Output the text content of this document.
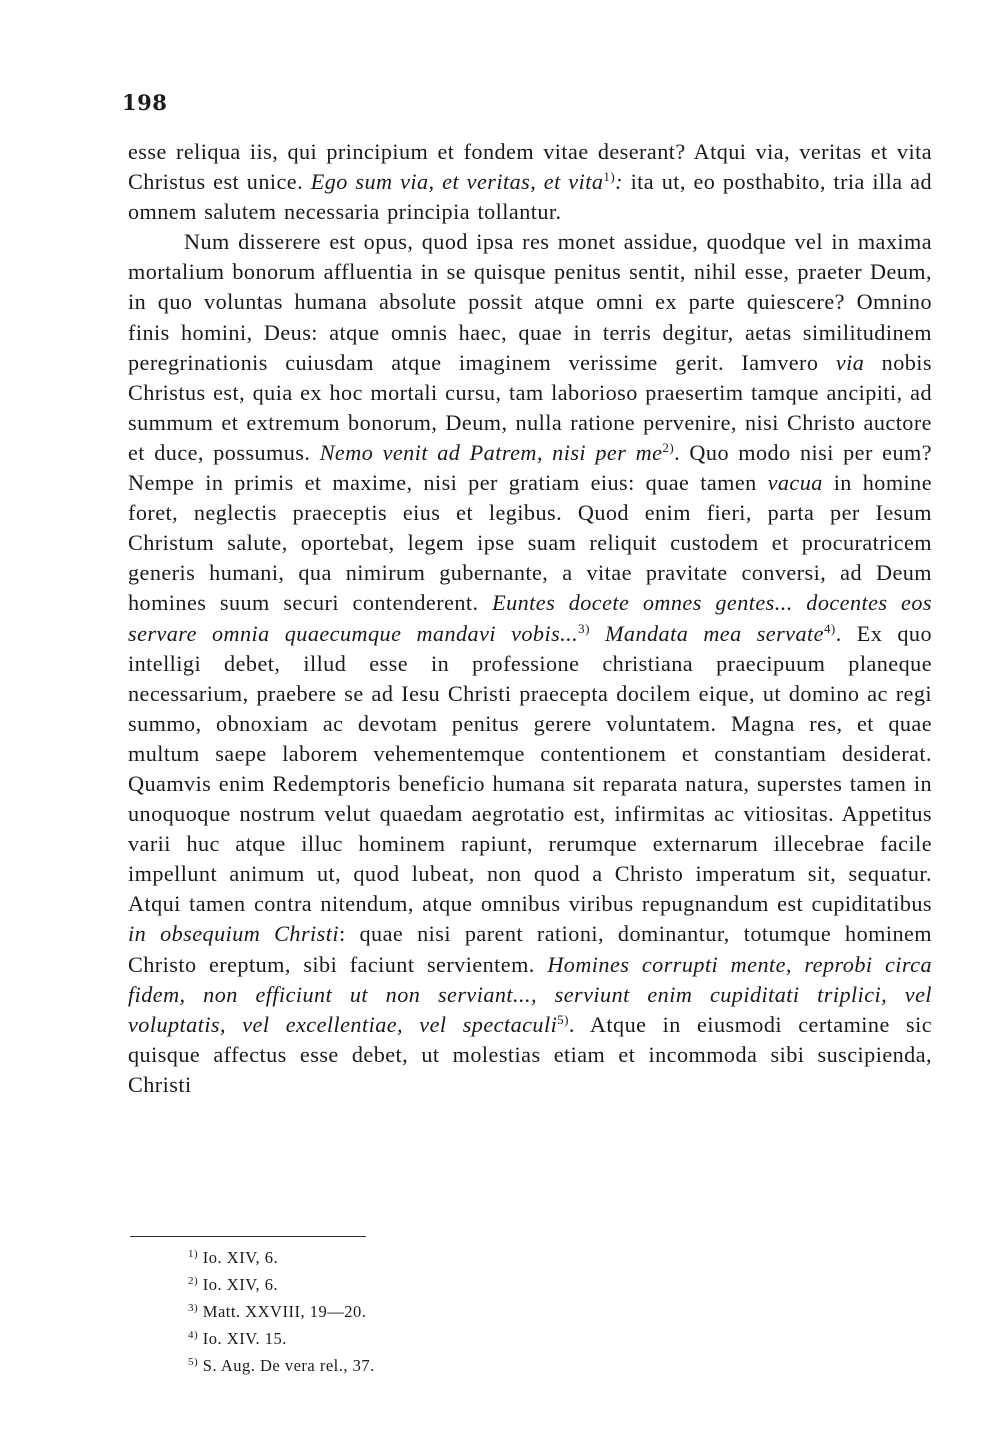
198

esse reliqua iis, qui principium et fondem vitae deserant? Atqui via, veritas et vita Christus est unice. Ego sum via, et veritas, et vita$^{1)}$: ita ut, eo posthabito, tria illa ad omnem salutem necessaria principia tollantur.

Num disserere est opus, quod ipsa res monet assidue, quodque vel in maxima mortalium bonorum affluentia in se quisque penitus sentit, nihil esse, praeter Deum, in quo voluntas humana absolute possit atque omni ex parte quiescere? Omnino finis homini, Deus: atque omnis haec, quae in terris degitur, aetas similitudinem peregrinationis cuiusdam atque imaginem verissime gerit. Iamvero via nobis Christus est, quia ex hoc mortali cursu, tam laborioso praesertim tamque ancipiti, ad summum et extremum bonorum, Deum, nulla ratione pervenire, nisi Christo auctore et duce, possumus. Nemo venit ad Patrem, nisi per $me^{2)}$. Quo modo nisi per eum? Nempe in primis et maxime, nisi per gratiam eius: quae tamen vacua in homine foret, neglectis praeceptis eius et legibus. Quod enim fieri, parta per Iesum Christum salute, oportebat, legem ipse suam reliquit custodem et procuratricem generis humani, qua nimirum gubernante, a vitae pravitate conversi, ad Deum homines suum securi contenderent. Euntes docete omnes gentes... docentes eos servare omnia quaecumque mandavi vobis...$^{3)}$ Mandata mea servate$^{4)}$. Ex quo intelligi debet, illud esse in professione christiana praecipuum planeque necessarium, praebere se ad Iesu Christi praecepta docilem eique, ut domino ac regi summo, obnoxiam ac devotam penitus gerere voluntatem. Magna res, et quae multum saepe laborem vehementemque contentionem et constantiam desiderat. Quamvis enim Redemptoris beneficio humana sit reparata natura, superstes tamen in unoquoque nostrum velut quaedam aegrotatio est, infirmitas ac vitiositas. Appetitus varii huc atque illuc hominem rapiunt, rerumque externarum illecebrae facile impellunt animum ut, quod lubeat, non quod a Christo imperatum sit, sequatur. Atqui tamen contra nitendum, atque omnibus viribus repugnandum est cupiditatibus in obsequium Christi: quae nisi parent rationi, dominantur, totumque hominem Christo ereptum, sibi faciunt servientem. Homines corrupti mente, reprobi circa fidem, non efficiunt ut non serviant..., serviunt enim cupiditati triplici, vel voluptatis, vel excellentiae, vel spectaculi$^{5)}$. Atque in eiusmodi certamine sic quisque affectus esse debet, ut molestias etiam et incommoda sibi suscipienda, Christi

$^{1)}$ Io. XIV, 6.
$^{2)}$ Io. XIV, 6.
$^{3)}$ Matt. XXVIII, 19—20.
$^{4)}$ Io. XIV. 15.
$^{5)}$ S. Aug. De vera rel., 37.
